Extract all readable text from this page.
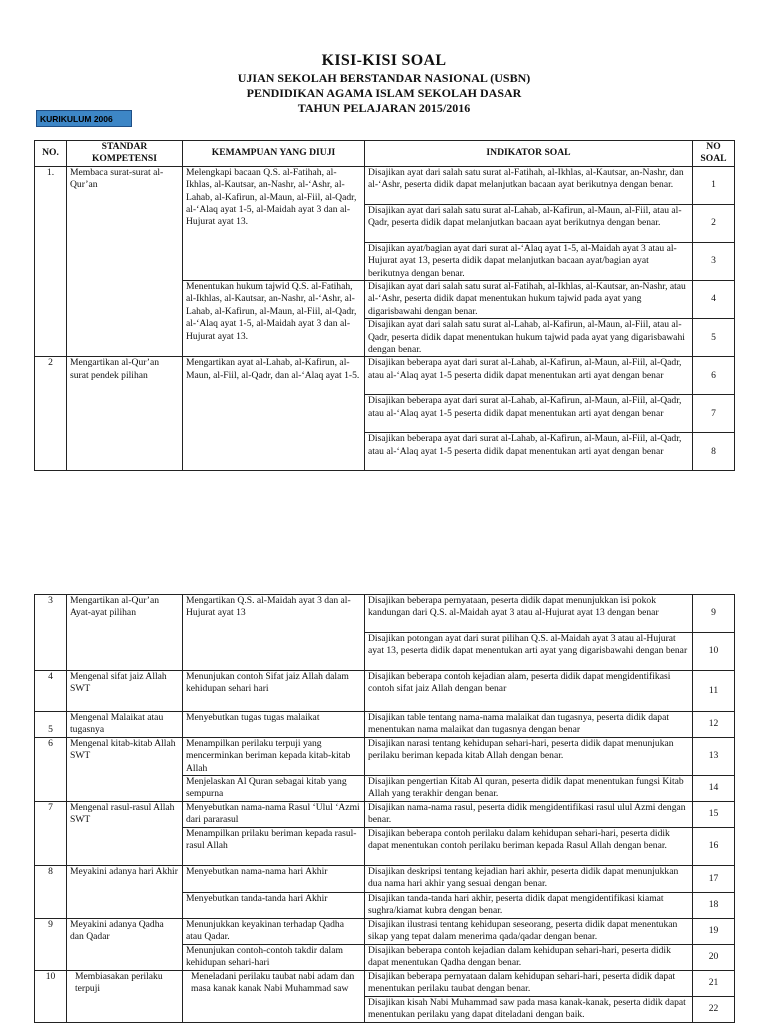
KISI-KISI SOAL
UJIAN SEKOLAH BERSTANDAR NASIONAL (USBN)
PENDIDIKAN AGAMA ISLAM SEKOLAH DASAR
TAHUN PELAJARAN 2015/2016
KURIKULUM 2006
NO.	STANDAR KOMPETENSI	KEMAMPUAN YANG DIUJI	INDIKATOR SOAL	NO SOAL
1.	Membaca surat-surat al-Qur’an	Melengkapi bacaan Q.S. al-Fatihah, al-Ikhlas, al-Kautsar, an-Nashr, al-‘Ashr, al-Lahab, al-Kafirun, al-Maun, al-Fiil, al-Qadr, al-‘Alaq ayat 1-5, al-Maidah ayat 3 dan al-Hujurat ayat 13.	Disajikan ayat dari salah satu surat al-Fatihah, al-Ikhlas, al-Kautsar, an-Nashr, dan al-‘Ashr, peserta didik dapat melanjutkan bacaan ayat berikutnya dengan benar.	1
			Disajikan ayat dari salah satu surat al-Lahab, al-Kafirun, al-Maun, al-Fiil, atau al-Qadr, peserta didik dapat melanjutkan bacaan ayat berikutnya dengan benar.	2
			Disajikan ayat/bagian ayat dari surat al-‘Alaq ayat 1-5, al-Maidah ayat 3 atau al-Hujurat ayat 13, peserta didik dapat melanjutkan bacaan ayat/bagian ayat berikutnya dengan benar.	3
		Menentukan hukum tajwid Q.S. al-Fatihah, al-Ikhlas, al-Kautsar, an-Nashr, al-‘Ashr, al-Lahab, al-Kafirun, al-Maun, al-Fiil, al-Qadr, al-‘Alaq ayat 1-5, al-Maidah ayat 3 dan al-Hujurat ayat 13.	Disajikan ayat dari salah satu surat al-Fatihah, al-Ikhlas, al-Kautsar, an-Nashr, atau al-‘Ashr, peserta didik dapat menentukan hukum tajwid pada ayat yang digarisbawahi dengan benar.	4
			Disajikan ayat dari salah satu surat al-Lahab, al-Kafirun, al-Maun, al-Fiil, atau al-Qadr, peserta didik dapat menentukan hukum tajwid pada ayat yang digarisbawahi dengan benar.	5
2	Mengartikan al-Qur’an surat pendek pilihan	Mengartikan ayat al-Lahab, al-Kafirun, al-Maun, al-Fiil, al-Qadr, dan al-‘Alaq ayat 1-5.	Disajikan beberapa ayat dari surat al-Lahab, al-Kafirun, al-Maun, al-Fiil, al-Qadr, atau al-‘Alaq ayat 1-5 peserta didik dapat menentukan arti ayat dengan benar	6
			Disajikan beberapa ayat dari surat al-Lahab, al-Kafirun, al-Maun, al-Fiil, al-Qadr, atau al-‘Alaq ayat 1-5 peserta didik dapat menentukan arti ayat dengan benar	7
			Disajikan beberapa ayat dari surat al-Lahab, al-Kafirun, al-Maun, al-Fiil, al-Qadr, atau al-‘Alaq ayat 1-5 peserta didik dapat menentukan arti ayat dengan benar	8
3	Mengartikan al-Qur’an Ayat-ayat pilihan	Mengartikan Q.S. al-Maidah ayat 3 dan al-Hujurat ayat 13	Disajikan beberapa pernyataan, peserta didik dapat menunjukkan isi pokok kandungan dari Q.S. al-Maidah ayat 3 atau al-Hujurat ayat 13 dengan benar	9
			Disajikan potongan ayat dari surat pilihan Q.S. al-Maidah ayat 3 atau al-Hujurat ayat 13, peserta didik dapat menentukan arti ayat yang digarisbawahi dengan benar	10
4	Mengenal sifat jaiz Allah SWT	Menunjukan contoh Sifat jaiz Allah dalam kehidupan sehari hari	Disajikan beberapa contoh kejadian alam, peserta didik dapat mengidentifikasi contoh sifat jaiz Allah dengan benar	11
5	Mengenal Malaikat atau tugasnya	Menyebutkan tugas tugas malaikat	Disajikan table tentang nama-nama malaikat dan tugasnya, peserta didik dapat menentukan nama malaikat dan tugasnya dengan benar	12
6	Mengenal kitab-kitab Allah SWT	Menampilkan perilaku terpuji yang mencerminkan beriman kepada kitab-kitab Allah	Disajikan narasi tentang kehidupan sehari-hari, peserta didik dapat menunjukan perilaku beriman kepada kitab Allah dengan benar.	13
		Menjelaskan Al Quran sebagai kitab yang sempurna	Disajikan pengertian Kitab Al quran, peserta didik dapat menentukan fungsi Kitab Allah yang terakhir dengan benar.	14
7	Mengenal rasul-rasul Allah SWT	Menyebutkan nama-nama Rasul ‘Ulul ‘Azmi dari pararasul	Disajikan nama-nama rasul, peserta didik mengidentifikasi rasul ulul Azmi dengan benar.	15
		Menampilkan prilaku beriman kepada rasul-rasul Allah	Disajikan beberapa contoh perilaku dalam kehidupan sehari-hari, peserta didik dapat menentukan contoh perilaku beriman kepada Rasul Allah dengan benar.	16
8	Meyakini adanya hari Akhir	Menyebutkan nama-nama hari Akhir	Disajikan deskripsi tentang kejadian hari akhir, peserta didik dapat menunjukkan dua nama hari akhir yang sesuai dengan benar.	17
		Menyebutkan tanda-tanda hari Akhir	Disajikan tanda-tanda hari akhir, peserta didik dapat mengidentifikasi kiamat sughra/kiamat kubra dengan benar.	18
9	Meyakini adanya Qadha dan Qadar	Menunjukkan keyakinan terhadap Qadha atau Qadar.	Disajikan ilustrasi tentang kehidupan seseorang, peserta didik dapat menentukan sikap yang tepat dalam menerima qada/qadar dengan benar.	19
		Menunjukan contoh-contoh takdir dalam kehidupan sehari-hari	Disajikan beberapa contoh kejadian dalam kehidupan sehari-hari, peserta didik dapat menentukan Qadha dengan benar.	20
10	Membiasakan perilaku terpuji	Meneladani perilaku taubat nabi adam dan masa kanak kanak Nabi Muhammad saw	Disajikan beberapa pernyataan dalam kehidupan sehari-hari, peserta didik dapat menentukan perilaku taubat dengan benar.	21
			Disajikan kisah Nabi Muhammad saw pada masa kanak-kanak, peserta didik dapat menentukan perilaku yang dapat diteladani dengan baik.	22
